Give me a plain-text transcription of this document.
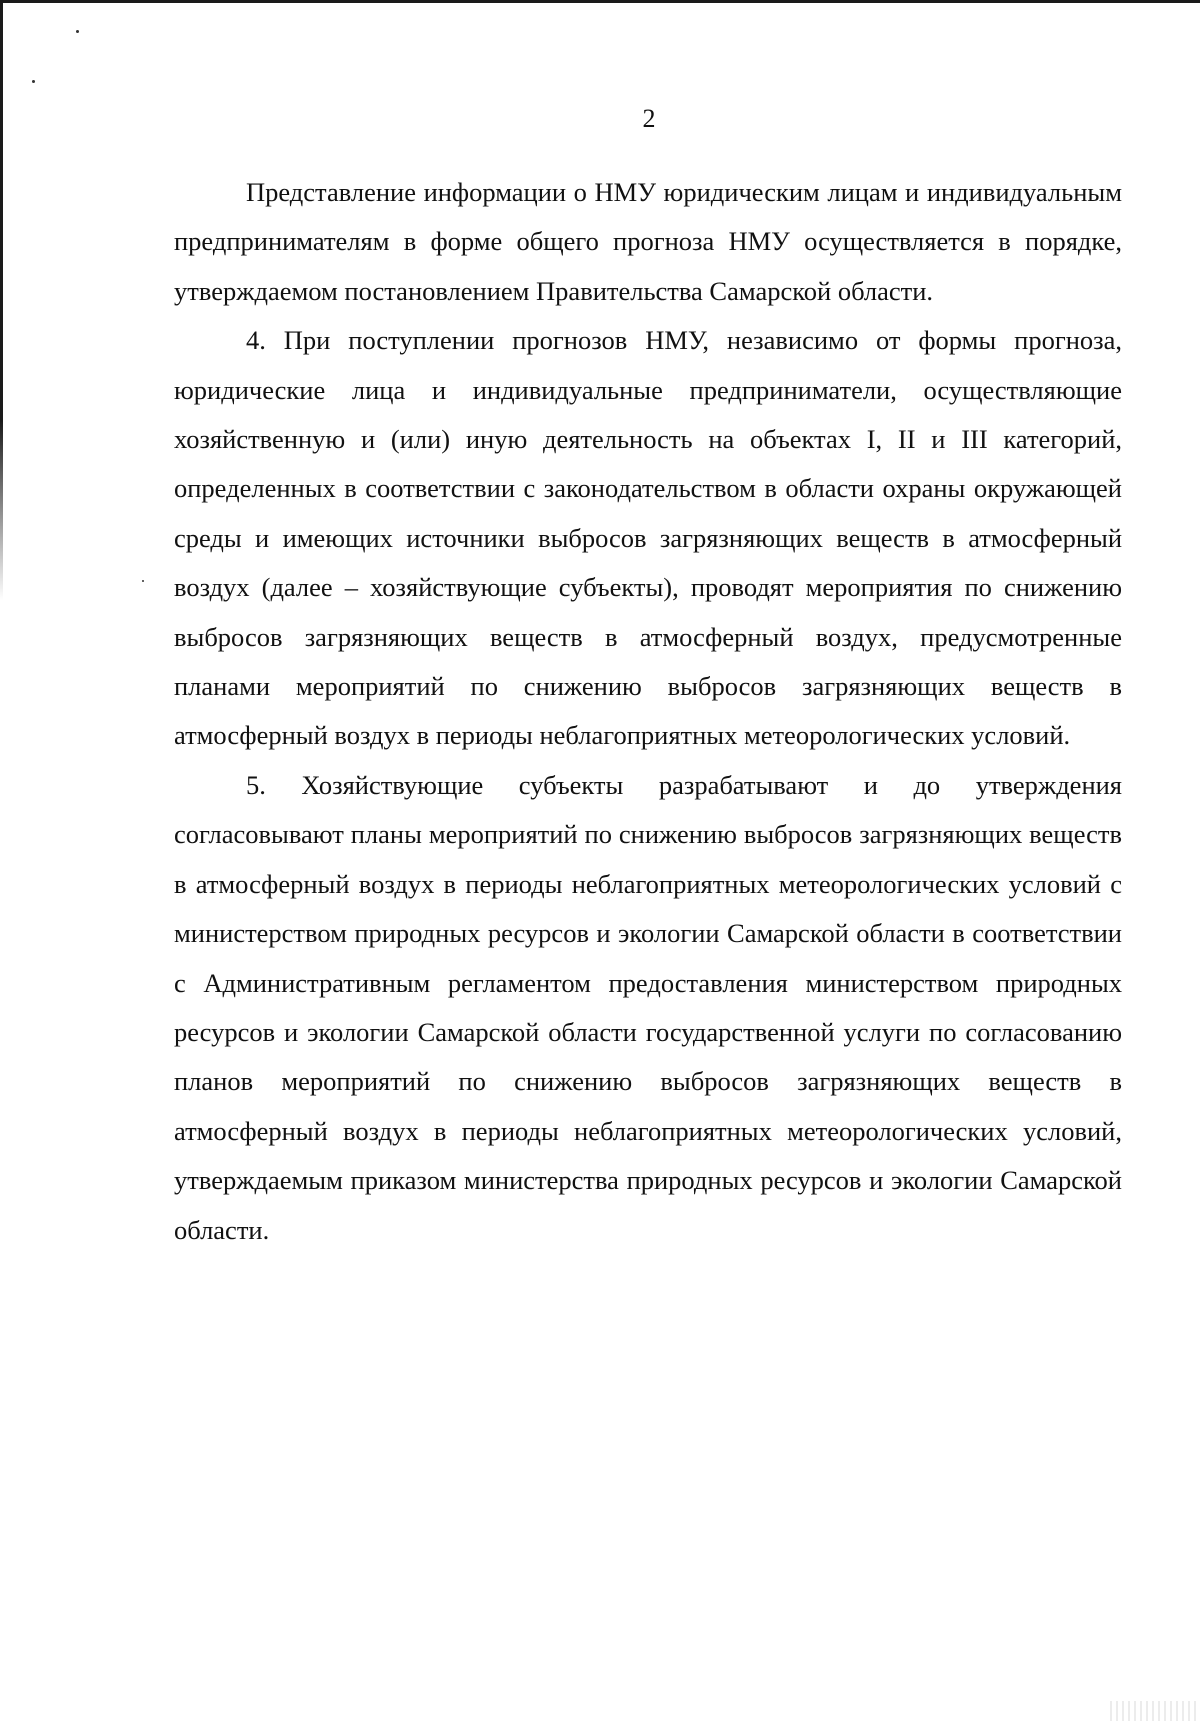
2

Представление информации о НМУ юридическим лицам и индивидуальным предпринимателям в форме общего прогноза НМУ осуществляется в порядке, утверждаемом постановлением Правительства Самарской области.

4. При поступлении прогнозов НМУ, независимо от формы прогноза, юридические лица и индивидуальные предприниматели, осуществляющие хозяйственную и (или) иную деятельность на объектах I, II и III категорий, определенных в соответствии с законодательством в области охраны окружающей среды и имеющих источники выбросов загрязняющих веществ в атмосферный воздух (далее – хозяйствующие субъекты), проводят мероприятия по снижению выбросов загрязняющих веществ в атмосферный воздух, предусмотренные планами мероприятий по снижению выбросов загрязняющих веществ в атмосферный воздух в периоды неблагоприятных метеорологических условий.

5. Хозяйствующие субъекты разрабатывают и до утверждения согласовывают планы мероприятий по снижению выбросов загрязняющих веществ в атмосферный воздух в периоды неблагоприятных метеорологических условий с министерством природных ресурсов и экологии Самарской области в соответствии с Административным регламентом предоставления министерством природных ресурсов и экологии Самарской области государственной услуги по согласованию планов мероприятий по снижению выбросов загрязняющих веществ в атмосферный воздух в периоды неблагоприятных метеорологических условий, утверждаемым приказом министерства природных ресурсов и экологии Самарской области.
